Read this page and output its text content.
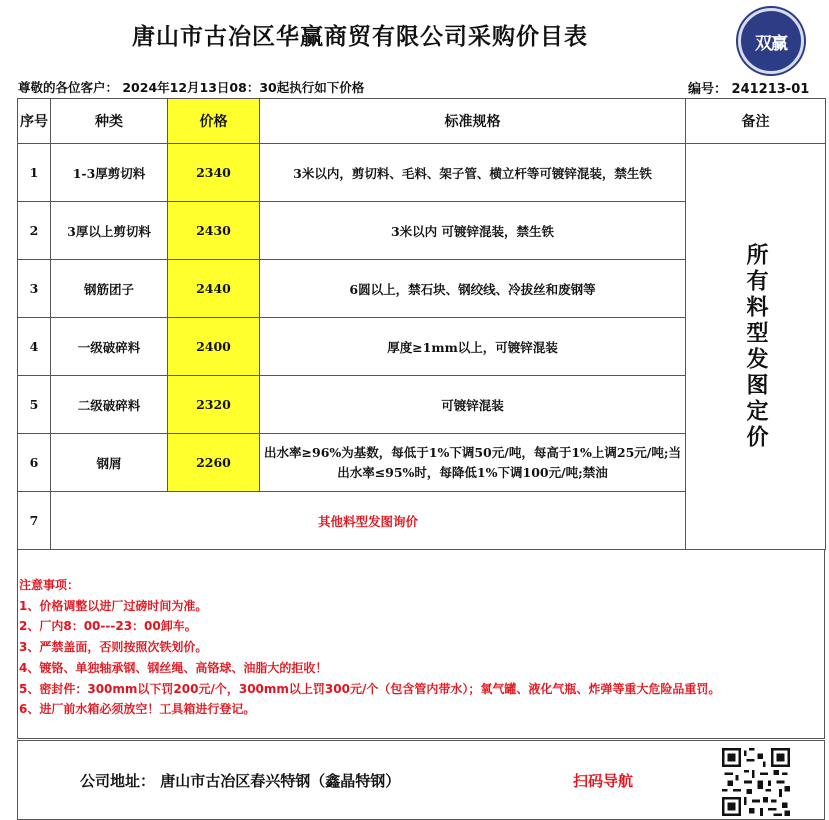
唐山市古冶区华赢商贸有限公司采购价目表	双赢
尊敬的各位客户： 2024年12月13日08：30起执行如下价格	编号： 241213-01
序号	种类	价格	标准规格	备注
1	1-3厚剪切料	2340	3米以内，剪切料、毛料、架子管、横立杆等可镀锌混装，禁生铁	所有料型发图定价

2	3厚以上剪切料	2430	3米以内 可镀锌混装，禁生铁	
3	钢筋团子	2440	6圆以上，禁石块、钢绞线、冷拔丝和废钢等	
4	一级破碎料	2400	厚度≥1mm以上，可镀锌混装	
5	二级破碎料	2320	可镀锌混装	
6	钢屑	2260	出水率≥96%为基数，每低于1%下调50元/吨，每高于1%上调25元/吨;当出水率≤95%时，每降低1%下调100元/吨;禁油	
7	其他料型发图询价			
注意事项：
1、价格调整以进厂过磅时间为准。
2、厂内8：00---23：00卸车。
3、严禁盖面，否则按照次铁划价。
4、镀铬、单独轴承钢、钢丝绳、高铬球、油脂大的拒收！
5、密封件：300mm以下罚200元/个，300mm以上罚300元/个（包含管内带水）；氧气罐、液化气瓶、炸弹等重大危险品重罚。
6、进厂前水箱必须放空！工具箱进行登记。
公司地址： 唐山市古冶区春兴特钢（鑫晶特钢）	扫码导航
